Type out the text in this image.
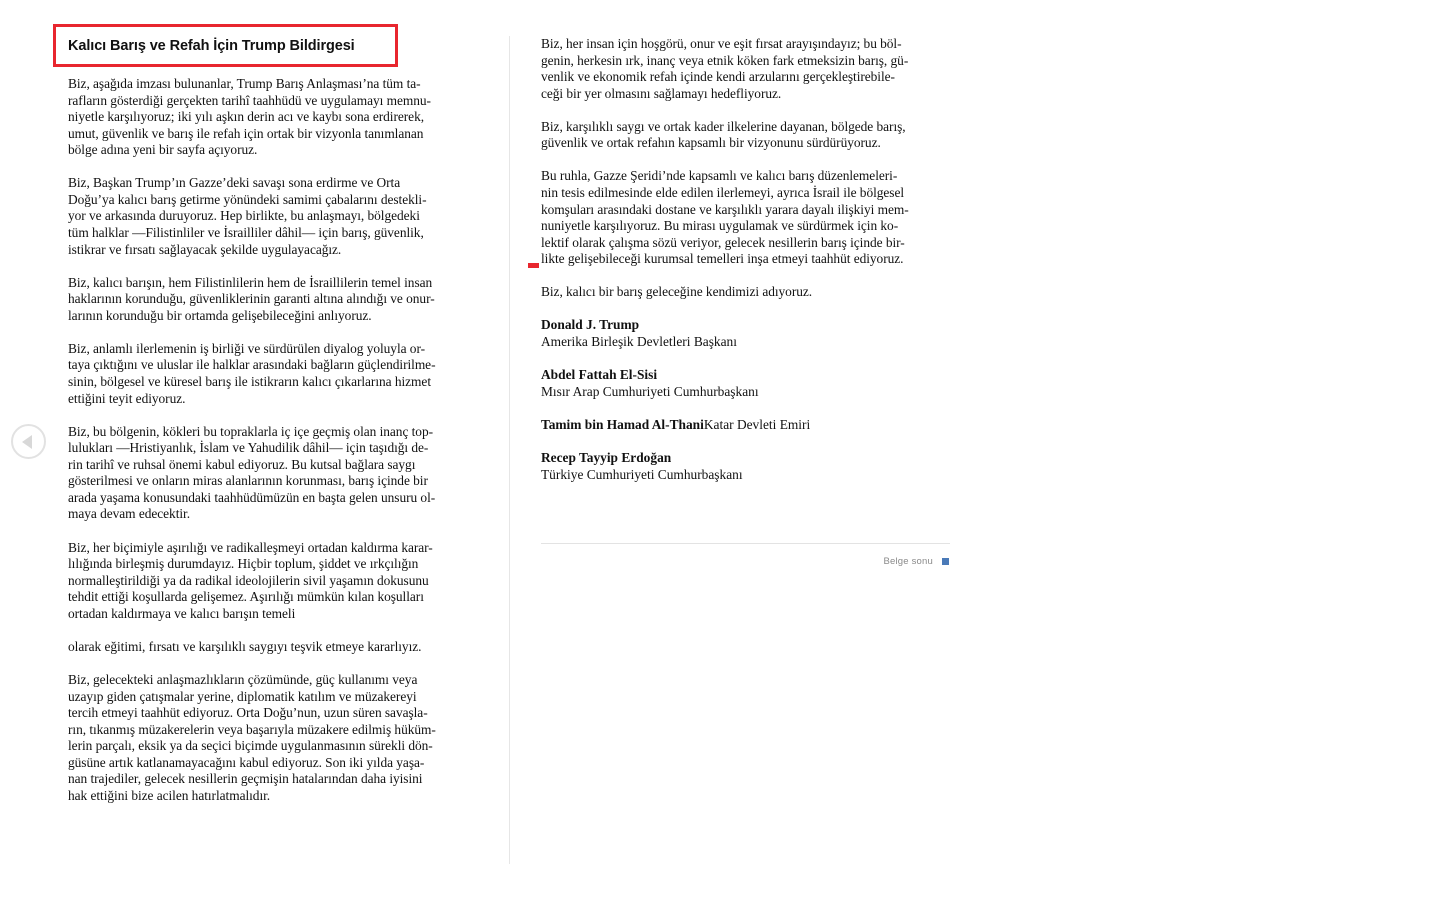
Kalıcı Barış ve Refah İçin Trump Bildirgesi

Biz, aşağıda imzası bulunanlar, Trump Barış Anlaşması’na tüm ta-
rafların gösterdiği gerçekten tarihî taahhüdü ve uygulamayı memnu-
niyetle karşılıyoruz; iki yılı aşkın derin acı ve kaybı sona erdirerek,
umut, güvenlik ve barış ile refah için ortak bir vizyonla tanımlanan
bölge adına yeni bir sayfa açıyoruz.

Biz, Başkan Trump’ın Gazze’deki savaşı sona erdirme ve Orta
Doğu’ya kalıcı barış getirme yönündeki samimi çabalarını destekli-
yor ve arkasında duruyoruz. Hep birlikte, bu anlaşmayı, bölgedeki
tüm halklar —Filistinliler ve İsrailliler dâhil— için barış, güvenlik,
istikrar ve fırsatı sağlayacak şekilde uygulayacağız.

Biz, kalıcı barışın, hem Filistinlilerin hem de İsraillilerin temel insan
haklarının korunduğu, güvenliklerinin garanti altına alındığı ve onur-
larının korunduğu bir ortamda gelişebileceğini anlıyoruz.

Biz, anlamlı ilerlemenin iş birliği ve sürdürülen diyalog yoluyla or-
taya çıktığını ve uluslar ile halklar arasındaki bağların güçlendirilme-
sinin, bölgesel ve küresel barış ile istikrarın kalıcı çıkarlarına hizmet
ettiğini teyit ediyoruz.

Biz, bu bölgenin, kökleri bu topraklarla iç içe geçmiş olan inanç top-
lulukları —Hristiyanlık, İslam ve Yahudilik dâhil— için taşıdığı de-
rin tarihî ve ruhsal önemi kabul ediyoruz. Bu kutsal bağlara saygı
gösterilmesi ve onların miras alanlarının korunması, barış içinde bir
arada yaşama konusundaki taahhüdümüzün en başta gelen unsuru ol-
maya devam edecektir.

Biz, her biçimiyle aşırılığı ve radikalleşmeyi ortadan kaldırma karar-
lılığında birleşmiş durumdayız. Hiçbir toplum, şiddet ve ırkçılığın
normalleştirildiği ya da radikal ideolojilerin sivil yaşamın dokusunu
tehdit ettiği koşullarda gelişemez. Aşırılığı mümkün kılan koşulları
ortadan kaldırmaya ve kalıcı barışın temeli

olarak eğitimi, fırsatı ve karşılıklı saygıyı teşvik etmeye kararlıyız.

Biz, gelecekteki anlaşmazlıkların çözümünde, güç kullanımı veya
uzayıp giden çatışmalar yerine, diplomatik katılım ve müzakereyi
tercih etmeyi taahhüt ediyoruz. Orta Doğu’nun, uzun süren savaşla-
rın, tıkanmış müzakerelerin veya başarıyla müzakere edilmiş hüküm-
lerin parçalı, eksik ya da seçici biçimde uygulanmasının sürekli dön-
güsüne artık katlanamayacağını kabul ediyoruz. Son iki yılda yaşa-
nan trajediler, gelecek nesillerin geçmişin hatalarından daha iyisini
hak ettiğini bize acilen hatırlatmalıdır.

Biz, her insan için hoşgörü, onur ve eşit fırsat arayışındayız; bu böl-
genin, herkesin ırk, inanç veya etnik köken fark etmeksizin barış, gü-
venlik ve ekonomik refah içinde kendi arzularını gerçekleştirebile-
ceği bir yer olmasını sağlamayı hedefliyoruz.

Biz, karşılıklı saygı ve ortak kader ilkelerine dayanan, bölgede barış,
güvenlik ve ortak refahın kapsamlı bir vizyonunu sürdürüyoruz.

Bu ruhla, Gazze Şeridi’nde kapsamlı ve kalıcı barış düzenlemeleri-
nin tesis edilmesinde elde edilen ilerlemeyi, ayrıca İsrail ile bölgesel
komşuları arasındaki dostane ve karşılıklı yarara dayalı ilişkiyi mem-
nuniyetle karşılıyoruz. Bu mirası uygulamak ve sürdürmek için ko-
lektif olarak çalışma sözü veriyor, gelecek nesillerin barış içinde bir-
likte gelişebileceği kurumsal temelleri inşa etmeyi taahhüt ediyoruz.

Biz, kalıcı bir barış geleceğine kendimizi adıyoruz.

Donald J. Trump
Amerika Birleşik Devletleri Başkanı
Abdel Fattah El-Sisi
Mısır Arap Cumhuriyeti Cumhurbaşkanı
Tamim bin Hamad Al-ThaniKatar Devleti Emiri
Recep Tayyip Erdoğan
Türkiye Cumhuriyeti Cumhurbaşkanı
Belge sonu
